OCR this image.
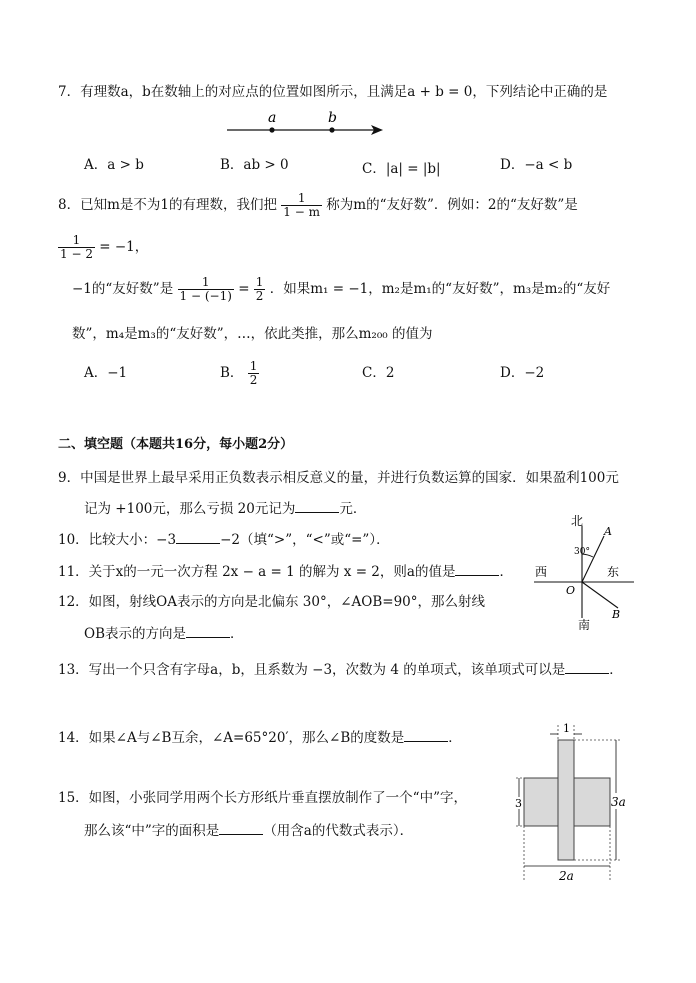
7．有理数a，b在数轴上的对应点的位置如图所示，且满足a + b = 0，下列结论中正确的是
a	b
A．a > b	B．ab > 0	C．|a| = |b|	D．−a < b
8．已知m是不为1的有理数，我们把 $\frac{1}{1 - m}$ 称为m的“友好数”．例如：2的“友好数”是
$\frac{1}{1 - 2} = -1$，
−1的“友好数”是 $\frac{1}{1 - (-1)} = \frac{1}{2}$ ．如果m₁ = −1，m₂是m₁的“友好数”，m₃是m₂的“友好
数”，m₄是m₃的“友好数”，…，依此类推，那么m₂₀₀ 的值为
A．−1	B． $\frac{1}{2}$	C．2	D．−2
二、填空题（本题共16分，每小题2分）
9．中国是世界上最早采用正负数表示相反意义的量，并进行负数运算的国家．如果盈利100元
记为 +100元，那么亏损 20元记为	元．
10．比较大小：−3	−2（填“>”，“<”或“=”）．
11．关于x的一元一次方程 2x − a = 1 的解为 x = 2，则a的值是	．
12．如图，射线OA表示的方向是北偏东 30°，∠AOB=90°，那么射线
OB表示的方向是	．
北
南
西	东
O
A
B
30°
13．写出一个只含有字母a，b，且系数为 −3，次数为 4 的单项式，该单项式可以是	．
14．如果∠A与∠B互余，∠A=65°20′，那么∠B的度数是	．
15．如图，小张同学用两个长方形纸片垂直摆放制作了一个“中”字，
那么该“中”字的面积是	（用含a的代数式表示）．
1
3	3a
2a
